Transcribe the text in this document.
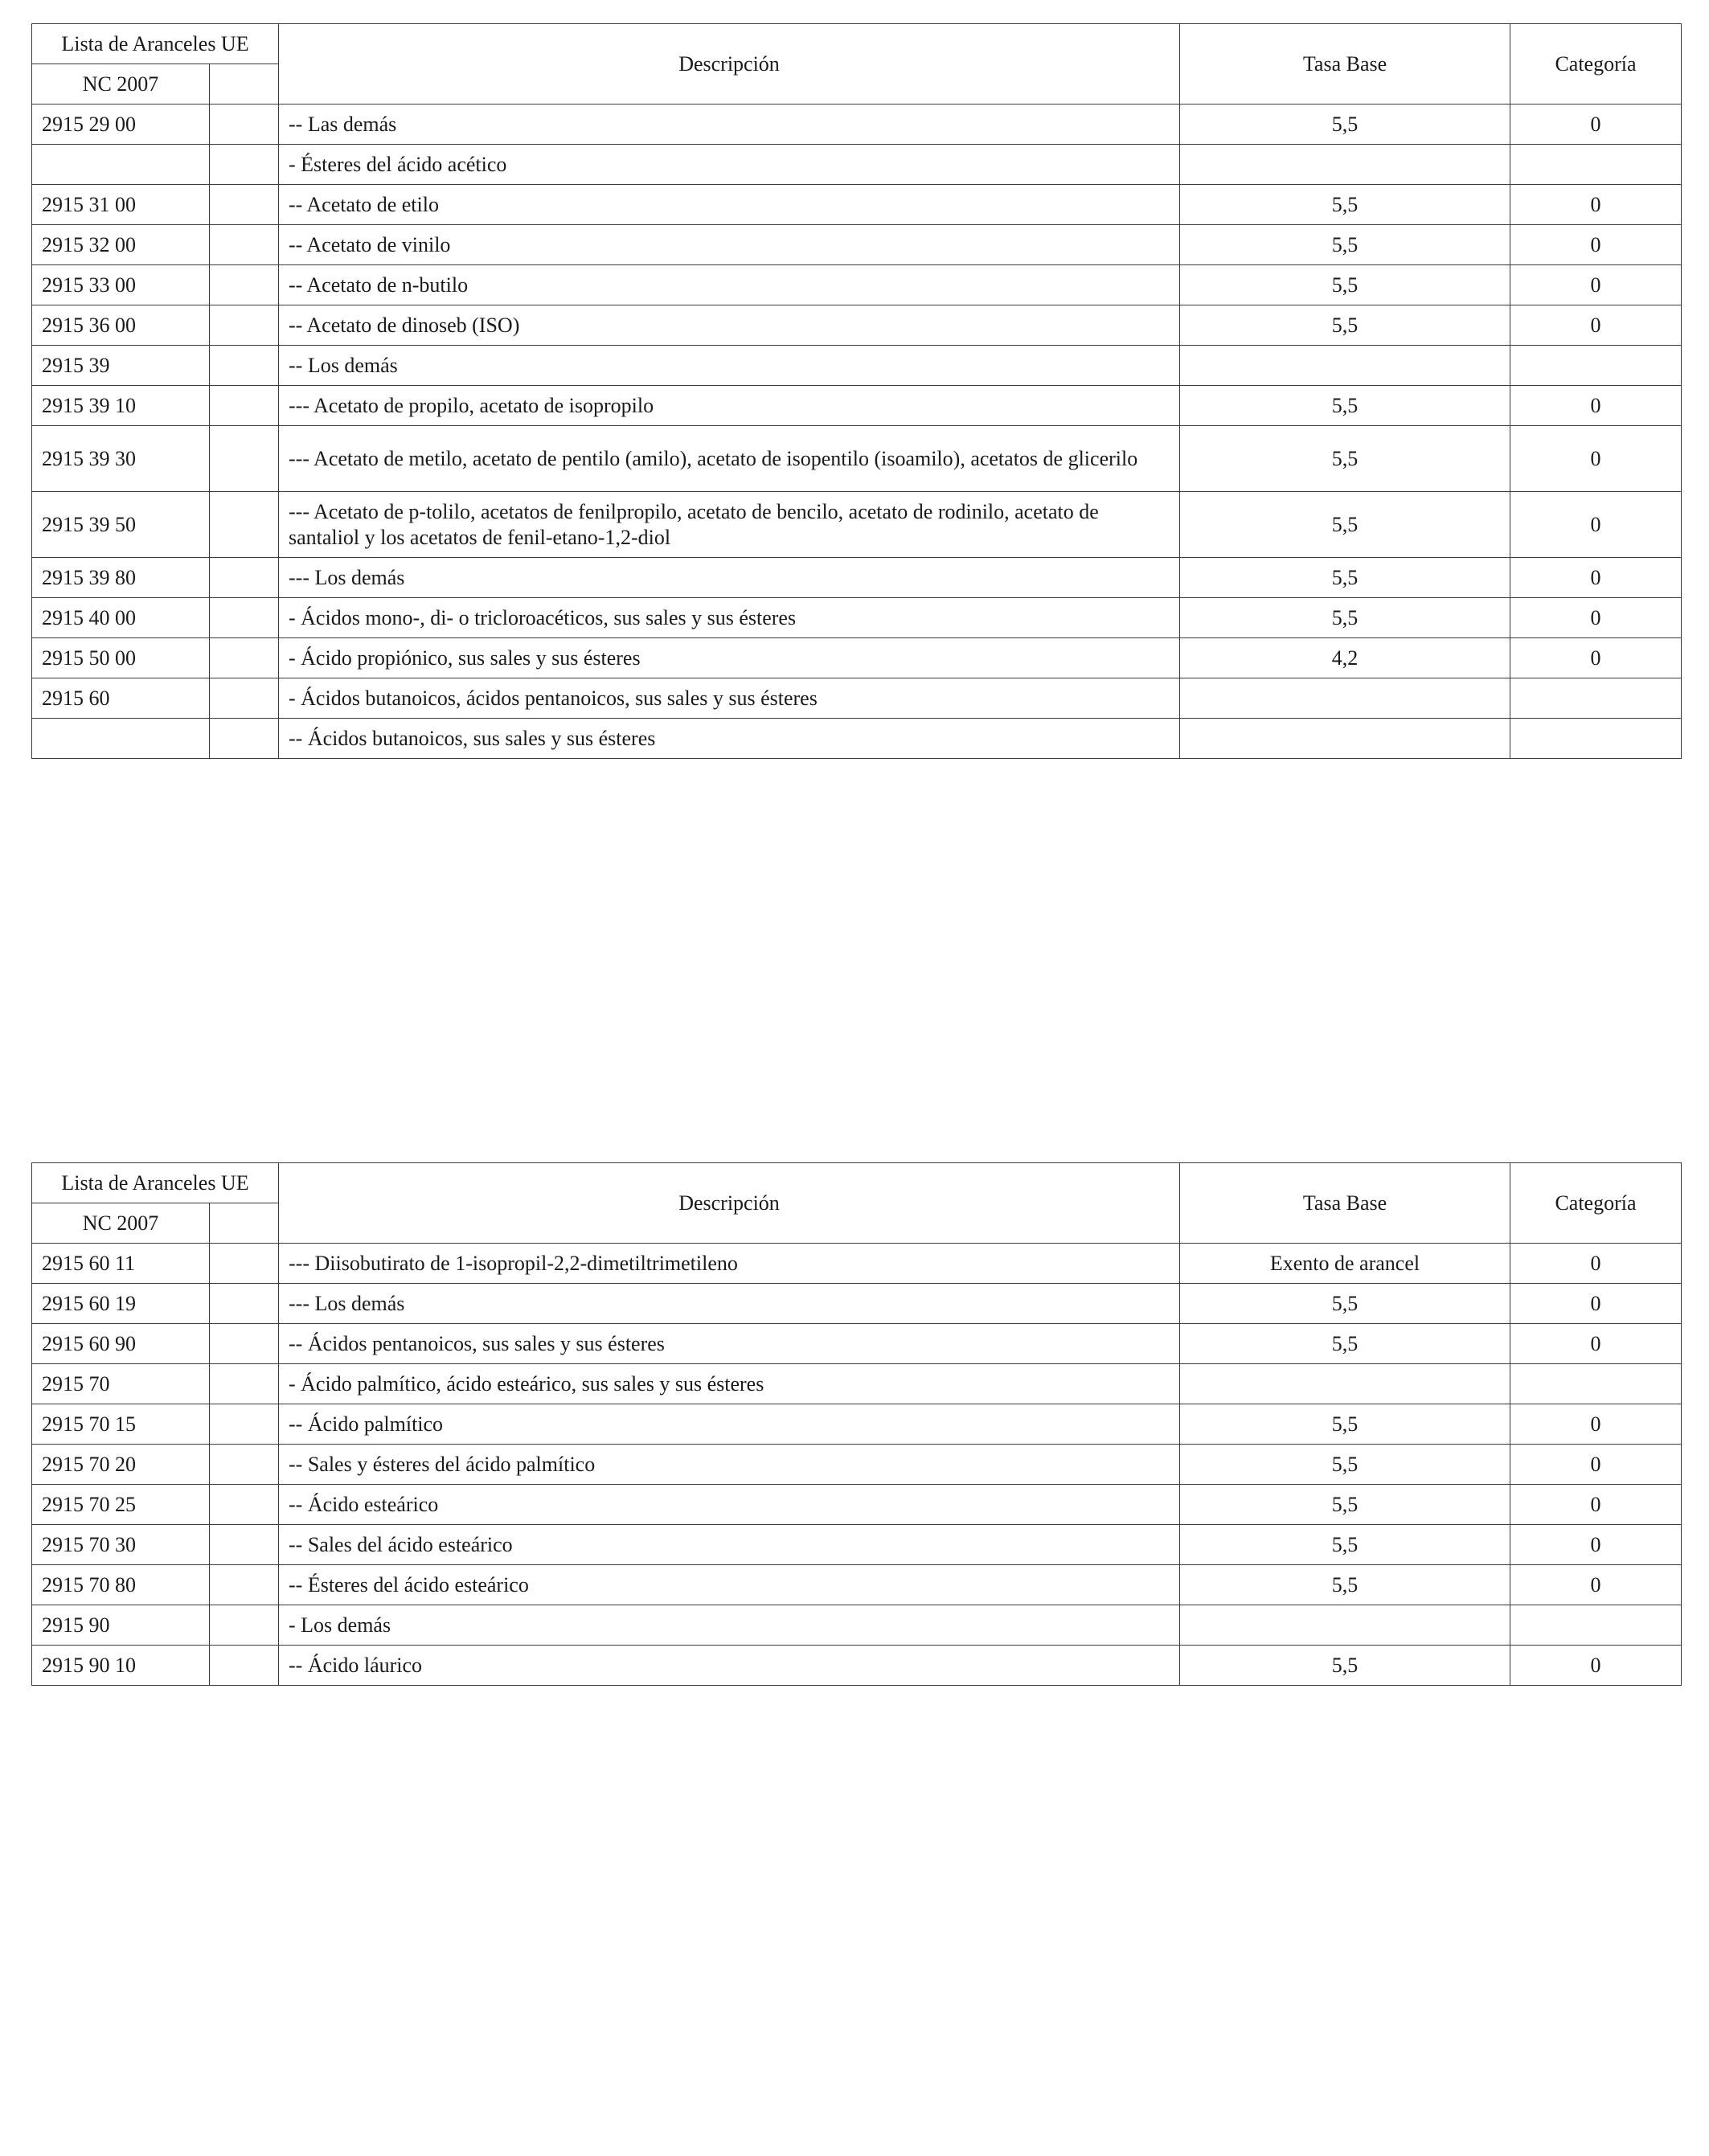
Lista de Aranceles UE		Descripción	Tasa Base	Categoría
NC 2007				
2915 29 00		-- Las demás	5,5	0
		- Ésteres del ácido acético		
2915 31 00		-- Acetato de etilo	5,5	0
2915 32 00		-- Acetato de vinilo	5,5	0
2915 33 00		-- Acetato de n-butilo	5,5	0
2915 36 00		-- Acetato de dinoseb (ISO)	5,5	0
2915 39		-- Los demás		
2915 39 10		--- Acetato de propilo, acetato de isopropilo	5,5	0
2915 39 30		--- Acetato de metilo, acetato de pentilo (amilo), acetato de isopentilo (isoamilo), acetatos de glicerilo	5,5	0
2915 39 50		--- Acetato de p-tolilo, acetatos de fenilpropilo, acetato de bencilo, acetato de rodinilo, acetato de santaliol y los acetatos de fenil-etano-1,2-diol	5,5	0
2915 39 80		--- Los demás	5,5	0
2915 40 00		- Ácidos mono-, di- o tricloroacéticos, sus sales y sus ésteres	5,5	0
2915 50 00		- Ácido propiónico, sus sales y sus ésteres	4,2	0
2915 60		- Ácidos butanoicos, ácidos pentanoicos, sus sales y sus ésteres		
		-- Ácidos butanoicos, sus sales y sus ésteres		
Lista de Aranceles UE		Descripción	Tasa Base	Categoría
NC 2007				
2915 60 11		--- Diisobutirato de 1-isopropil-2,2-dimetiltrimetileno	Exento de arancel	0
2915 60 19		--- Los demás	5,5	0
2915 60 90		-- Ácidos pentanoicos, sus sales y sus ésteres	5,5	0
2915 70		- Ácido palmítico, ácido esteárico, sus sales y sus ésteres		
2915 70 15		-- Ácido palmítico	5,5	0
2915 70 20		-- Sales y ésteres del ácido palmítico	5,5	0
2915 70 25		-- Ácido esteárico	5,5	0
2915 70 30		-- Sales del ácido esteárico	5,5	0
2915 70 80		-- Ésteres del ácido esteárico	5,5	0
2915 90		- Los demás		
2915 90 10		-- Ácido láurico	5,5	0
